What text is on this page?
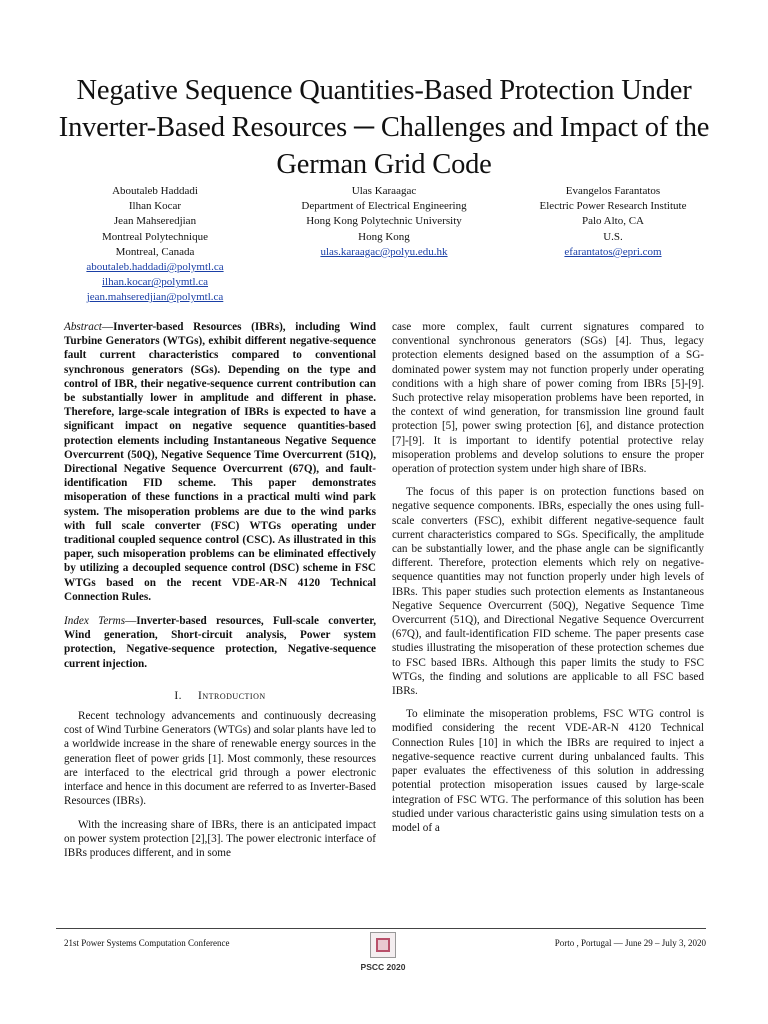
Negative Sequence Quantities-Based Protection Under Inverter-Based Resources ─ Challenges and Impact of the German Grid Code
Aboutaleb Haddadi
Ilhan Kocar
Jean Mahseredjian
Montreal Polytechnique
Montreal, Canada
aboutaleb.haddadi@polymtl.ca
ilhan.kocar@polymtl.ca
jean.mahseredjian@polymtl.ca
Ulas Karaagac
Department of Electrical Engineering
Hong Kong Polytechnic University
Hong Kong
ulas.karaagac@polyu.edu.hk
Evangelos Farantatos
Electric Power Research Institute
Palo Alto, CA
U.S.
efarantatos@epri.com

Abstract—Inverter-based Resources (IBRs), including Wind Turbine Generators (WTGs), exhibit different negative-sequence fault current characteristics compared to conventional synchronous generators (SGs). Depending on the type and control of IBR, their negative-sequence current contribution can be substantially lower in amplitude and different in phase. Therefore, large-scale integration of IBRs is expected to have a significant impact on negative sequence quantities-based protection elements including Instantaneous Negative Sequence Overcurrent (50Q), Negative Sequence Time Overcurrent (51Q), Directional Negative Sequence Overcurrent (67Q), and fault-identification FID scheme. This paper demonstrates misoperation of these functions in a practical multi wind park system. The misoperation problems are due to the wind parks with full scale converter (FSC) WTGs operating under traditional coupled sequence control (CSC). As illustrated in this paper, such misoperation problems can be eliminated effectively by utilizing a decoupled sequence control (DSC) scheme in FSC WTGs based on the recent VDE-AR-N 4120 Technical Connection Rules.

Index Terms—Inverter-based resources, Full-scale converter, Wind generation, Short-circuit analysis, Power system protection, Negative-sequence protection, Negative-sequence current injection.

I. Introduction

Recent technology advancements and continuously decreasing cost of Wind Turbine Generators (WTGs) and solar plants have led to a worldwide increase in the share of renewable energy sources in the generation fleet of power grids [1]. Most commonly, these resources are interfaced to the electrical grid through a power electronic interface and hence in this document are referred to as Inverter-Based Resources (IBRs).

With the increasing share of IBRs, there is an anticipated impact on power system protection [2],[3]. The power electronic interface of IBRs produces different, and in some

case more complex, fault current signatures compared to conventional synchronous generators (SGs) [4]. Thus, legacy protection elements designed based on the assumption of a SG-dominated power system may not function properly under operating conditions with a high share of power coming from IBRs [5]-[9]. Such protective relay misoperation problems have been reported, in the context of wind generation, for transmission line ground fault protection [5], power swing protection [6], and distance protection [7]-[9]. It is important to identify potential protective relay misoperation problems and develop solutions to ensure the proper operation of protection system under high share of IBRs.

The focus of this paper is on protection functions based on negative sequence components. IBRs, especially the ones using full-scale converters (FSC), exhibit different negative-sequence fault current characteristics compared to SGs. Specifically, the amplitude can be substantially lower, and the phase angle can be significantly different. Therefore, protection elements which rely on negative-sequence quantities may not function properly under high levels of IBRs. This paper studies such protection elements as Instantaneous Negative Sequence Overcurrent (50Q), Negative Sequence Time Overcurrent (51Q), and Directional Negative Sequence Overcurrent (67Q), and fault-identification FID scheme. The paper presents case studies illustrating the misoperation of these protection schemes due to FSC based IBRs. Although this paper limits the study to FSC WTGs, the finding and solutions are applicable to all FSC based IBRs.

To eliminate the misoperation problems, FSC WTG control is modified considering the recent VDE-AR-N 4120 Technical Connection Rules [10] in which the IBRs are required to inject a negative-sequence reactive current during unbalanced faults. This paper evaluates the effectiveness of this solution in addressing potential protection misoperation issues caused by large-scale integration of FSC WTG. The performance of this solution has been studied under various characteristic gains using simulation tests on a model of a

21st Power Systems Computation Conference
PSCC 2020
Porto , Portugal — June 29 – July 3, 2020
